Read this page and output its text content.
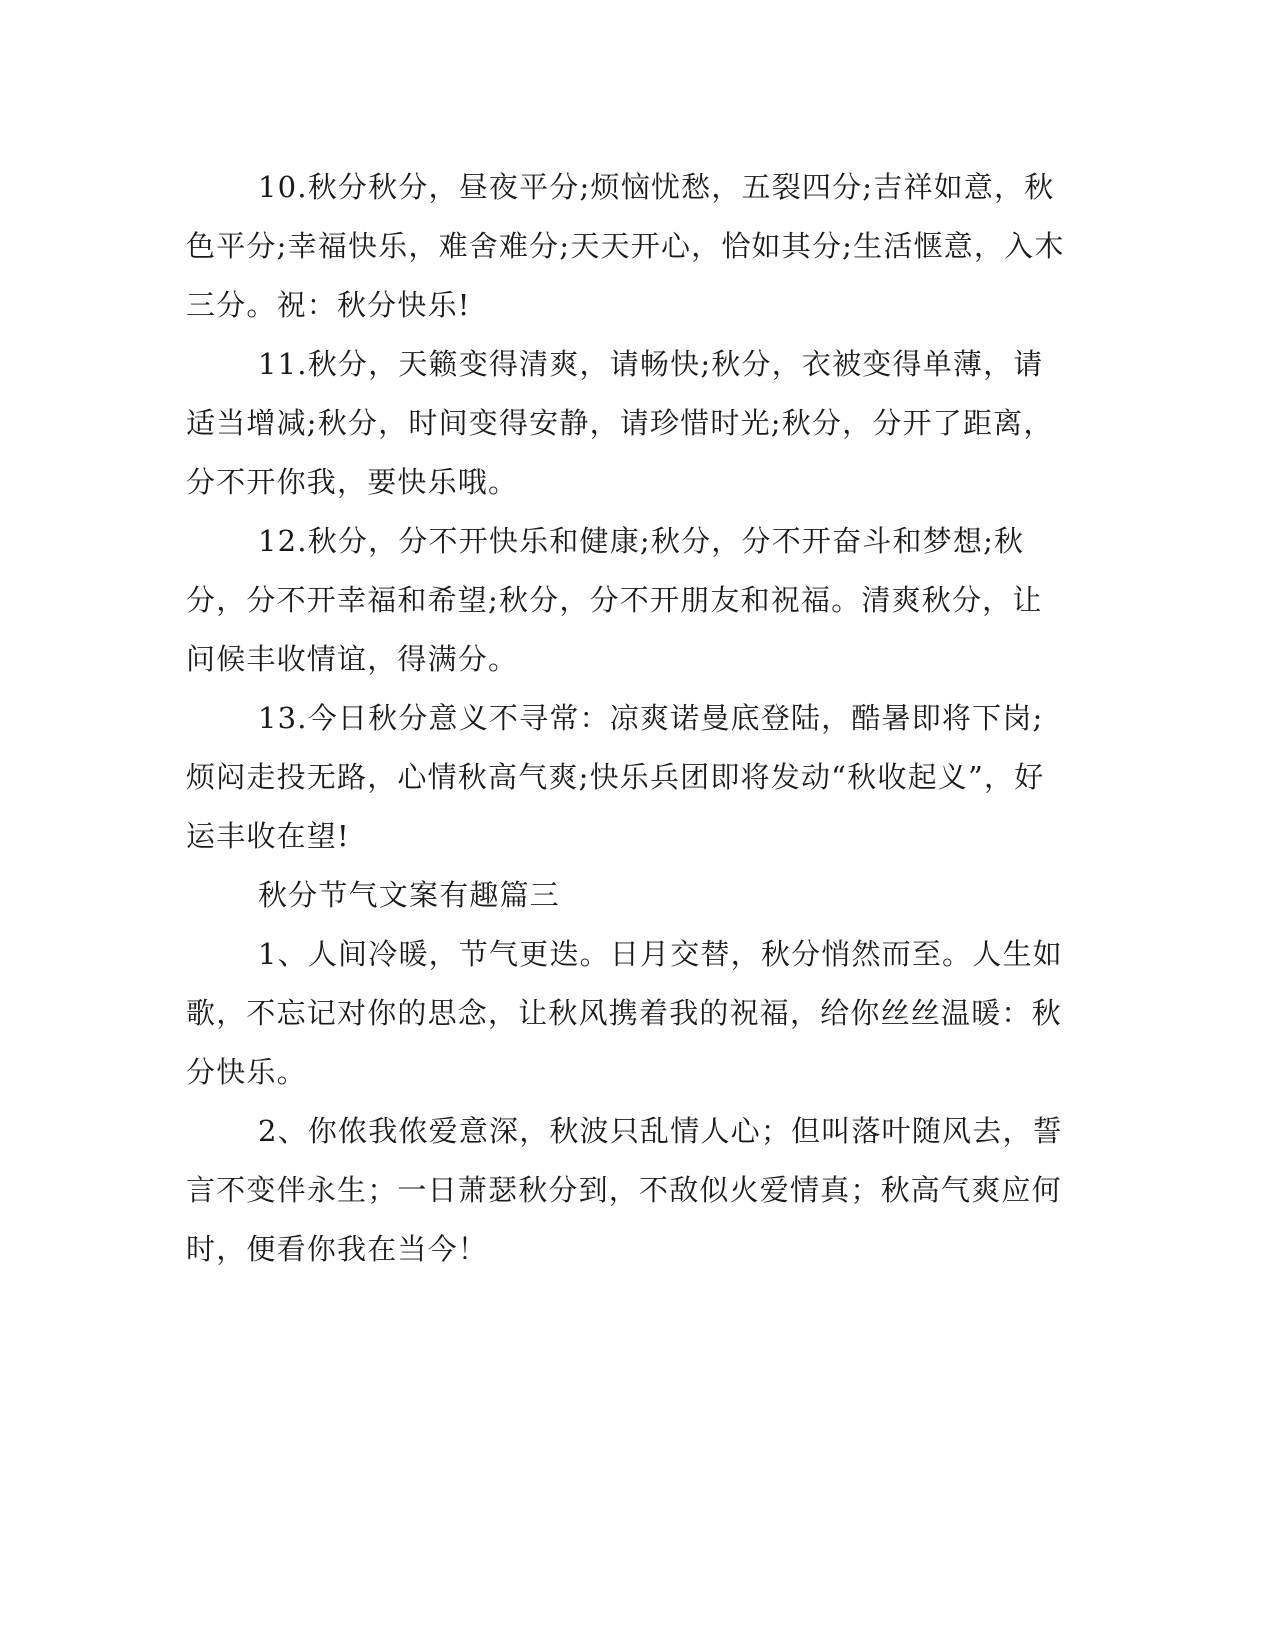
10.秋分秋分，昼夜平分;烦恼忧愁，五裂四分;吉祥如意，秋色平分;幸福快乐，难舍难分;天天开心，恰如其分;生活惬意，入木三分。祝：秋分快乐!

11.秋分，天籁变得清爽，请畅快;秋分，衣被变得单薄，请适当增减;秋分，时间变得安静，请珍惜时光;秋分，分开了距离，分不开你我，要快乐哦。

12.秋分，分不开快乐和健康;秋分，分不开奋斗和梦想;秋分，分不开幸福和希望;秋分，分不开朋友和祝福。清爽秋分，让问候丰收情谊，得满分。

13.今日秋分意义不寻常：凉爽诺曼底登陆，酷暑即将下岗;烦闷走投无路，心情秋高气爽;快乐兵团即将发动“秋收起义”，好运丰收在望!

秋分节气文案有趣篇三

1、人间冷暖，节气更迭。日月交替，秋分悄然而至。人生如歌，不忘记对你的思念，让秋风携着我的祝福，给你丝丝温暖：秋分快乐。

2、你侬我侬爱意深，秋波只乱情人心；但叫落叶随风去，誓言不变伴永生；一日萧瑟秋分到，不敌似火爱情真；秋高气爽应何时，便看你我在当今！
